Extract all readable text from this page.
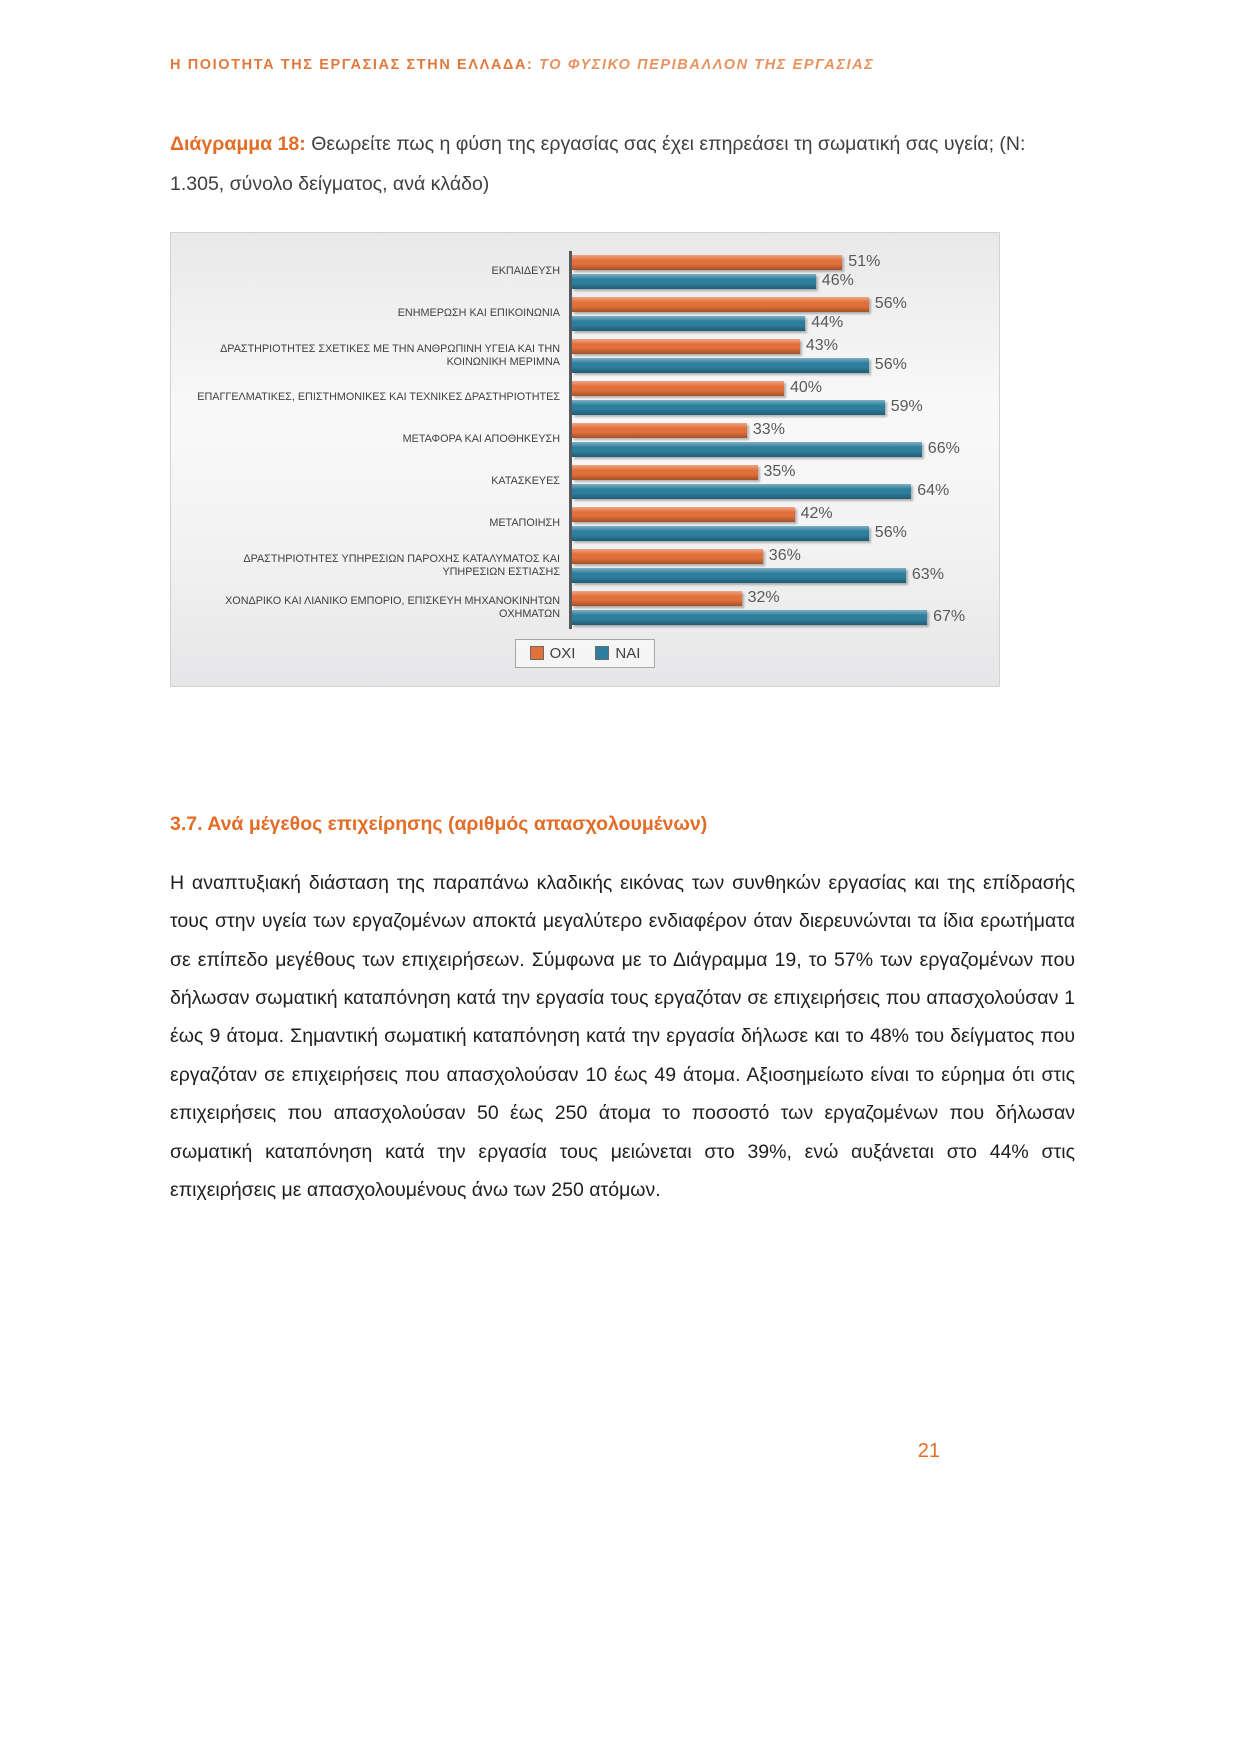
Η ΠΟΙΟΤΗΤΑ ΤΗΣ ΕΡΓΑΣΙΑΣ ΣΤΗΝ ΕΛΛΑΔΑ: ΤΟ ΦΥΣΙΚΟ ΠΕΡΙΒΑΛΛΟΝ ΤΗΣ ΕΡΓΑΣΙΑΣ

Διάγραμμα 18: Θεωρείτε πως η φύση της εργασίας σας έχει επηρεάσει τη σωματική σας υγεία; (N: 1.305, σύνολο δείγματος, ανά κλάδο)

ΕΚΠΑΙΔΕΥΣΗ
51%
46%
ΕΝΗΜΕΡΩΣΗ ΚΑΙ ΕΠΙΚΟΙΝΩΝΙΑ
56%
44%
ΔΡΑΣΤΗΡΙΟΤΗΤΕΣ ΣΧΕΤΙΚΕΣ ΜΕ ΤΗΝ ΑΝΘΡΩΠΙΝΗ ΥΓΕΙΑ ΚΑΙ ΤΗΝ ΚΟΙΝΩΝΙΚΗ ΜΕΡΙΜΝΑ
43%
56%
ΕΠΑΓΓΕΛΜΑΤΙΚΕΣ, ΕΠΙΣΤΗΜΟΝΙΚΕΣ ΚΑΙ ΤΕΧΝΙΚΕΣ ΔΡΑΣΤΗΡΙΟΤΗΤΕΣ
40%
59%
ΜΕΤΑΦΟΡΑ ΚΑΙ ΑΠΟΘΗΚΕΥΣΗ
33%
66%
ΚΑΤΑΣΚΕΥΕΣ
35%
64%
ΜΕΤΑΠΟΙΗΣΗ
42%
56%
ΔΡΑΣΤΗΡΙΟΤΗΤΕΣ ΥΠΗΡΕΣΙΩΝ ΠΑΡΟΧΗΣ ΚΑΤΑΛΥΜΑΤΟΣ ΚΑΙ ΥΠΗΡΕΣΙΩΝ ΕΣΤΙΑΣΗΣ
36%
63%
ΧΟΝΔΡΙΚΟ ΚΑΙ ΛΙΑΝΙΚΟ ΕΜΠΟΡΙΟ, ΕΠΙΣΚΕΥΗ ΜΗΧΑΝΟΚΙΝΗΤΩΝ ΟΧΗΜΑΤΩΝ
32%
67%
ΟΧΙ	ΝΑΙ
3.7. Ανά μέγεθος επιχείρησης (αριθμός απασχολουμένων)

Η αναπτυξιακή διάσταση της παραπάνω κλαδικής εικόνας των συνθηκών εργασίας και της επίδρασής τους στην υγεία των εργαζομένων αποκτά μεγαλύτερο ενδιαφέρον όταν διερευνώνται τα ίδια ερωτήματα σε επίπεδο μεγέθους των επιχειρήσεων. Σύμφωνα με το Διάγραμμα 19, το 57% των εργαζομένων που δήλωσαν σωματική καταπόνηση κατά την εργασία τους εργαζόταν σε επιχειρήσεις που απασχολούσαν 1 έως 9 άτομα. Σημαντική σωματική καταπόνηση κατά την εργασία δήλωσε και το 48% του δείγματος που εργαζόταν σε επιχειρήσεις που απασχολούσαν 10 έως 49 άτομα. Αξιοσημείωτο είναι το εύρημα ότι στις επιχειρήσεις που απασχολούσαν 50 έως 250 άτομα το ποσοστό των εργαζομένων που δήλωσαν σωματική καταπόνηση κατά την εργασία τους μειώνεται στο 39%, ενώ αυξάνεται στο 44% στις επιχειρήσεις με απασχολουμένους άνω των 250 ατόμων.

21
